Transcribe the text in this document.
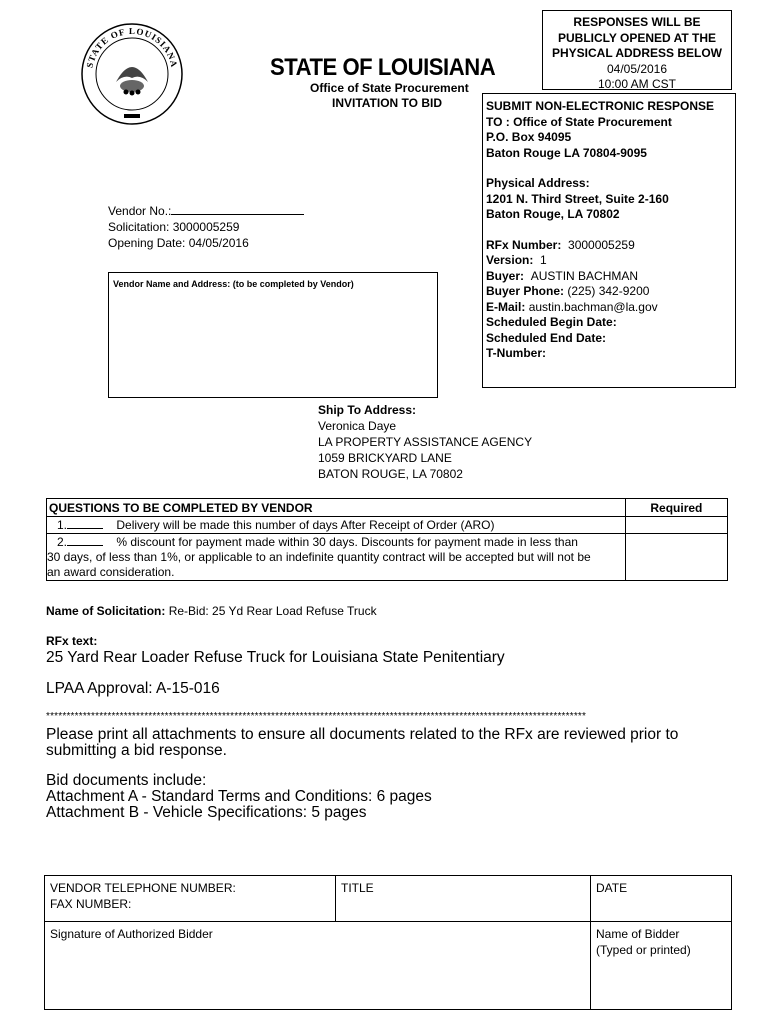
STATE OF LOUISIANA	STATE OF LOUISIANA
Office of State Procurement
INVITATION TO BID
RESPONSES WILL BE
PUBLICLY OPENED AT THE
PHYSICAL ADDRESS BELOW
04/05/2016
10:00 AM CST
SUBMIT NON-ELECTRONIC RESPONSE
TO : Office of State Procurement
P.O. Box 94095
Baton Rouge LA 70804-9095
Physical Address:
1201 N. Third Street, Suite 2-160
Baton Rouge, LA 70802
RFx Number: 3000005259
Version: 1
Buyer: AUSTIN BACHMAN
Buyer Phone: (225) 342-9200
E-Mail: austin.bachman@la.gov
Scheduled Begin Date:
Scheduled End Date:
T-Number:
Vendor No.:
Solicitation: 3000005259
Opening Date: 04/05/2016
Vendor Name and Address: (to be completed by Vendor)
Ship To Address:
Veronica Daye
LA PROPERTY ASSISTANCE AGENCY
1059 BRICKYARD LANE
BATON ROUGE, LA 70802
QUESTIONS TO BE COMPLETED BY VENDOR	Required
1. Delivery will be made this number of days After Receipt of Order (ARO)	

2. % discount for payment made within 30 days. Discounts for payment made in less than
30 days, of less than 1%, or applicable to an indefinite quantity contract will be accepted but will not be
an award consideration.	

Name of Solicitation: Re-Bid: 25 Yd Rear Load Refuse Truck
RFx text:
25 Yard Rear Loader Refuse Truck for Louisiana State Penitentiary
LPAA Approval: A-15-016
************************************************************************************************************************************
Please print all attachments to ensure all documents related to the RFx are reviewed prior to
submitting a bid response.
Bid documents include:
Attachment A - Standard Terms and Conditions: 6 pages
Attachment B - Vehicle Specifications: 5 pages
VENDOR TELEPHONE NUMBER:
FAX NUMBER:	TITLE	DATE
Signature of Authorized Bidder		Name of Bidder
(Typed or printed)
